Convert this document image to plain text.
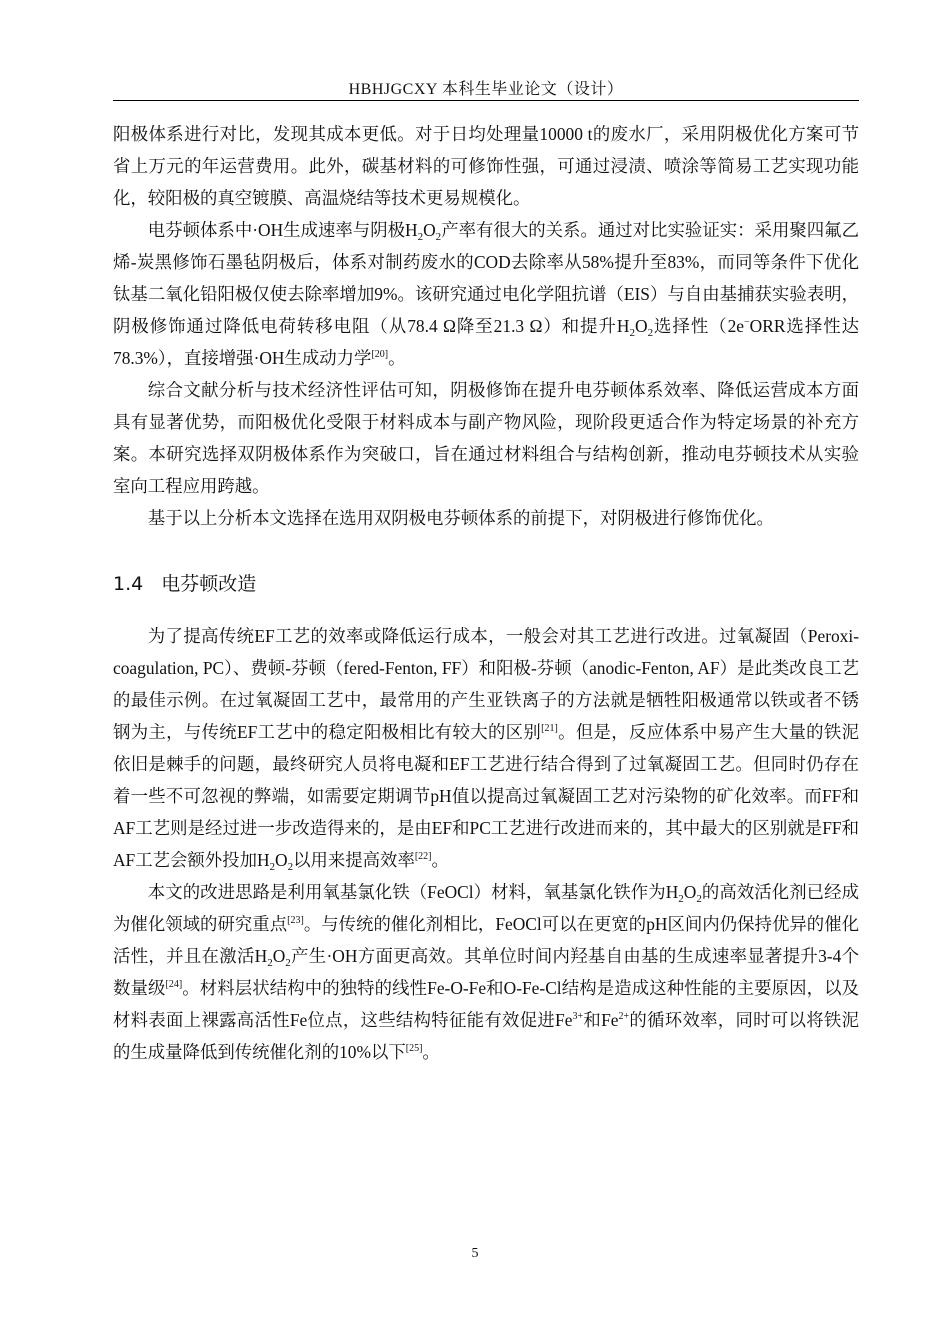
HBHJGCXY 本科生毕业论文（设计）

阳极体系进行对比，发现其成本更低。对于日均处理量10000 t的废水厂，采用阴极优化方案可节省上万元的年运营费用。此外，碳基材料的可修饰性强，可通过浸渍、喷涂等简易工艺实现功能化，较阳极的真空镀膜、高温烧结等技术更易规模化。

电芬顿体系中·OH生成速率与阴极$H_2O_2$产率有很大的关系。通过对比实验证实：采用聚四氟乙烯-炭黑修饰石墨毡阴极后，体系对制药废水的COD去除率从58%提升至83%，而同等条件下优化钛基二氧化铅阳极仅使去除率增加9%。该研究通过电化学阻抗谱（EIS）与自由基捕获实验表明，阴极修饰通过降低电荷转移电阻（从78.4 Ω降至21.3 Ω）和提升$H_2O_2$选择性（2e−ORR选择性达78.3%），直接增强·OH生成动力学[20]。

综合文献分析与技术经济性评估可知，阴极修饰在提升电芬顿体系效率、降低运营成本方面具有显著优势，而阳极优化受限于材料成本与副产物风险，现阶段更适合作为特定场景的补充方案。本研究选择双阴极体系作为突破口，旨在通过材料组合与结构创新，推动电芬顿技术从实验室向工程应用跨越。

基于以上分析本文选择在选用双阴极电芬顿体系的前提下，对阴极进行修饰优化。

1.4 电芬顿改造

为了提高传统EF工艺的效率或降低运行成本，一般会对其工艺进行改进。过氧凝固（Peroxi-coagulation, PC）、费顿-芬顿（fered-Fenton, FF）和阳极-芬顿（anodic-Fenton, AF）是此类改良工艺的最佳示例。在过氧凝固工艺中，最常用的产生亚铁离子的方法就是牺牲阳极通常以铁或者不锈钢为主，与传统EF工艺中的稳定阳极相比有较大的区别[21]。但是，反应体系中易产生大量的铁泥依旧是棘手的问题，最终研究人员将电凝和EF工艺进行结合得到了过氧凝固工艺。但同时仍存在着一些不可忽视的弊端，如需要定期调节pH值以提高过氧凝固工艺对污染物的矿化效率。而FF和AF工艺则是经过进一步改造得来的，是由EF和PC工艺进行改进而来的，其中最大的区别就是FF和AF工艺会额外投加$H_2O_2$以用来提高效率[22]。

本文的改进思路是利用氧基氯化铁（FeOCl）材料，氧基氯化铁作为$H_2O_2$的高效活化剂已经成为催化领域的研究重点[23]。与传统的催化剂相比，FeOCl可以在更宽的pH区间内仍保持优异的催化活性，并且在激活$H_2O_2$产生·OH方面更高效。其单位时间内羟基自由基的生成速率显著提升3-4个数量级[24]。材料层状结构中的独特的线性Fe-O-Fe和O-Fe-Cl结构是造成这种性能的主要原因，以及材料表面上裸露高活性Fe位点，这些结构特征能有效促进$Fe^{3+}$和$Fe^{2+}$的循环效率，同时可以将铁泥的生成量降低到传统催化剂的10%以下[25]。

5
